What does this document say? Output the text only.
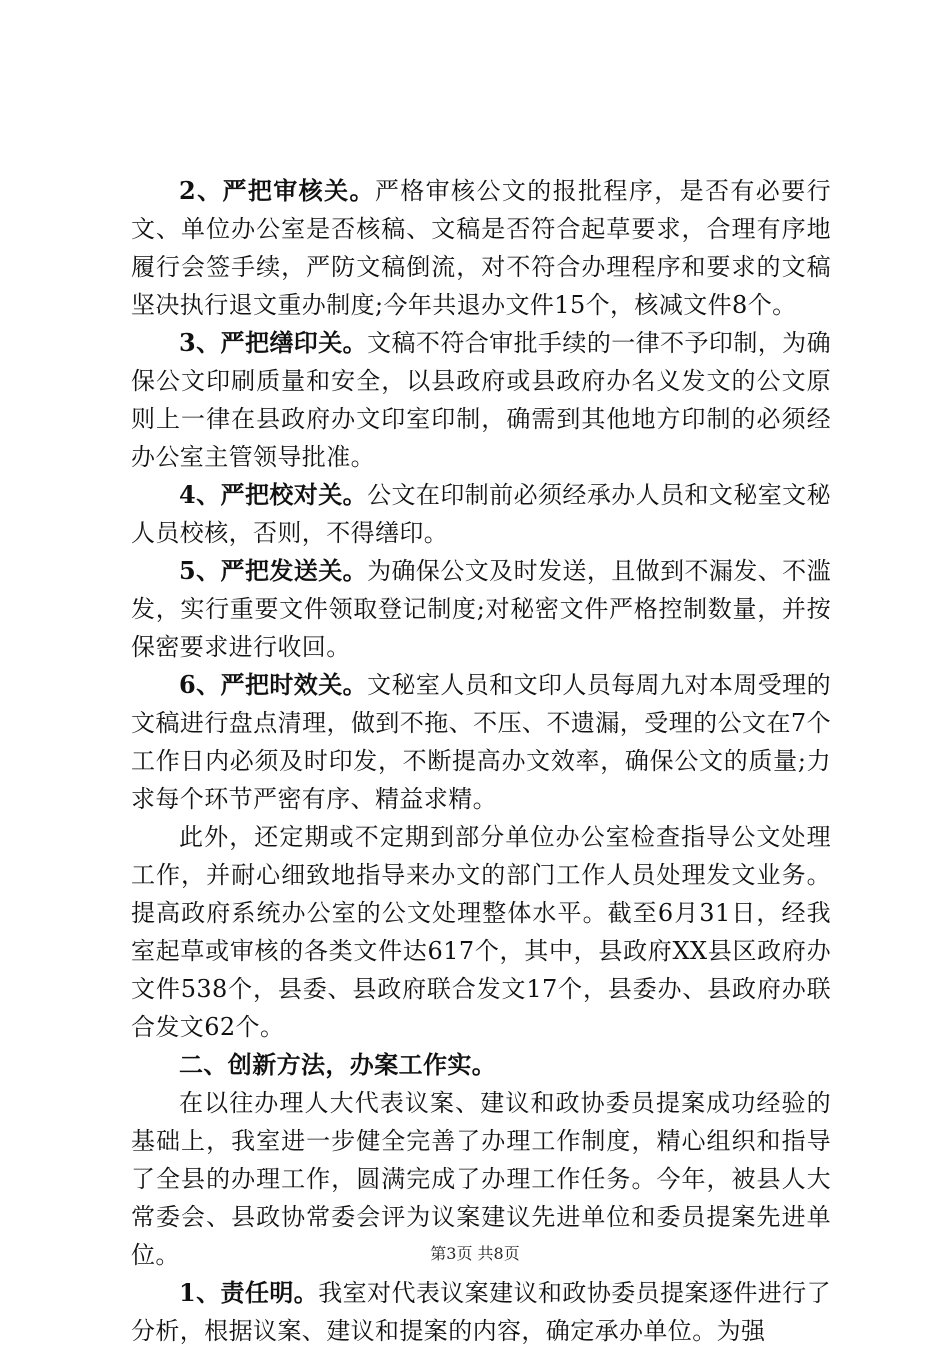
2、严把审核关。严格审核公文的报批程序，是否有必要行文、单位办公室是否核稿、文稿是否符合起草要求，合理有序地履行会签手续，严防文稿倒流，对不符合办理程序和要求的文稿坚决执行退文重办制度;今年共退办文件15个，核减文件8个。

3、严把缮印关。文稿不符合审批手续的一律不予印制，为确保公文印刷质量和安全，以县政府或县政府办名义发文的公文原则上一律在县政府办文印室印制，确需到其他地方印制的必须经办公室主管领导批准。

4、严把校对关。公文在印制前必须经承办人员和文秘室文秘人员校核，否则，不得缮印。

5、严把发送关。为确保公文及时发送，且做到不漏发、不滥发，实行重要文件领取登记制度;对秘密文件严格控制数量，并按保密要求进行收回。

6、严把时效关。文秘室人员和文印人员每周九对本周受理的文稿进行盘点清理，做到不拖、不压、不遗漏，受理的公文在7个工作日内必须及时印发，不断提高办文效率，确保公文的质量;力求每个环节严密有序、精益求精。

此外，还定期或不定期到部分单位办公室检查指导公文处理工作，并耐心细致地指导来办文的部门工作人员处理发文业务。提高政府系统办公室的公文处理整体水平。截至6月31日，经我室起草或审核的各类文件达617个，其中，县政府XX县区政府办文件538个，县委、县政府联合发文17个，县委办、县政府办联合发文62个。

二、创新方法，办案工作实。

在以往办理人大代表议案、建议和政协委员提案成功经验的基础上，我室进一步健全完善了办理工作制度，精心组织和指导了全县的办理工作，圆满完成了办理工作任务。今年，被县人大常委会、县政协常委会评为议案建议先进单位和委员提案先进单位。

1、责任明。我室对代表议案建议和政协委员提案逐件进行了分析，根据议案、建议和提案的内容，确定承办单位。为强

第3页 共8页
